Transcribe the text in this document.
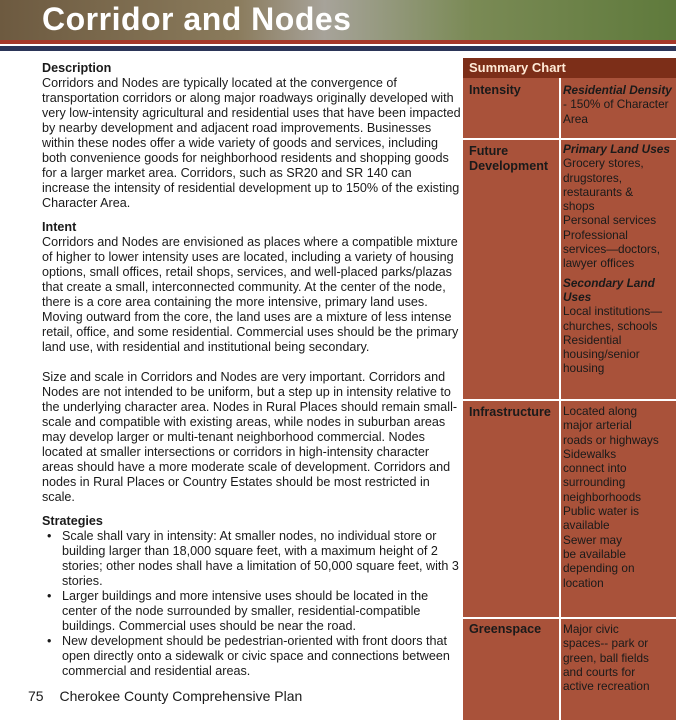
Corridor and Nodes
Description

Corridors and Nodes are typically located at the convergence of transportation corridors or along major roadways originally developed with very low-intensity agricultural and residential uses that have been impacted by nearby development and adjacent road improvements. Businesses within these nodes offer a wide variety of goods and services, including both convenience goods for neighborhood residents and shopping goods for a larger market area. Corridors, such as SR20 and SR 140 can increase the intensity of residential development up to 150% of the existing Character Area.

Intent

Corridors and Nodes are envisioned as places where a compatible mixture of higher to lower intensity uses are located, including a variety of housing options, small offices, retail shops, services, and well-placed parks/plazas that create a small, interconnected community. At the center of the node, there is a core area containing the more intensive, primary land uses. Moving outward from the core, the land uses are a mixture of less intense retail, office, and some residential. Commercial uses should be the primary land use, with residential and institutional being secondary.

Size and scale in Corridors and Nodes are very important. Corridors and Nodes are not intended to be uniform, but a step up in intensity relative to the underlying character area. Nodes in Rural Places should remain small-scale and compatible with existing areas, while nodes in suburban areas may develop larger or multi-tenant neighborhood commercial. Nodes located at smaller intersections or corridors in high-intensity character areas should have a more moderate scale of development. Corridors and nodes in Rural Places or Country Estates should be most restricted in scale.

Strategies
• Scale shall vary in intensity: At smaller nodes, no individual store or building larger than 18,000 square feet, with a maximum height of 2 stories; other nodes shall have a limitation of 50,000 square feet, with 3 stories.
• Larger buildings and more intensive uses should be located in the center of the node surrounded by smaller, residential-compatible buildings. Commercial uses should be near the road.
• New development should be pedestrian-oriented with front doors that open directly onto a sidewalk or civic space and connections between commercial and residential areas.
75 Cherokee County Comprehensive Plan
Summary Chart
Intensity	Residential Density - 150% of Character Area
Future
Development
Primary Land Uses
Grocery stores,
drugstores,
restaurants &
shops
Personal services
Professional
services—doctors,
lawyer offices
Secondary Land Uses
Local institutions—
churches, schools
Residential
housing/senior
housing
Infrastructure Located along
major arterial
roads or highways
Sidewalks
connect into
surrounding
neighborhoods
Public water is
available
Sewer may
be available
depending on
location
Greenspace Major civic
spaces-- park or
green, ball fields
and courts for
active recreation
